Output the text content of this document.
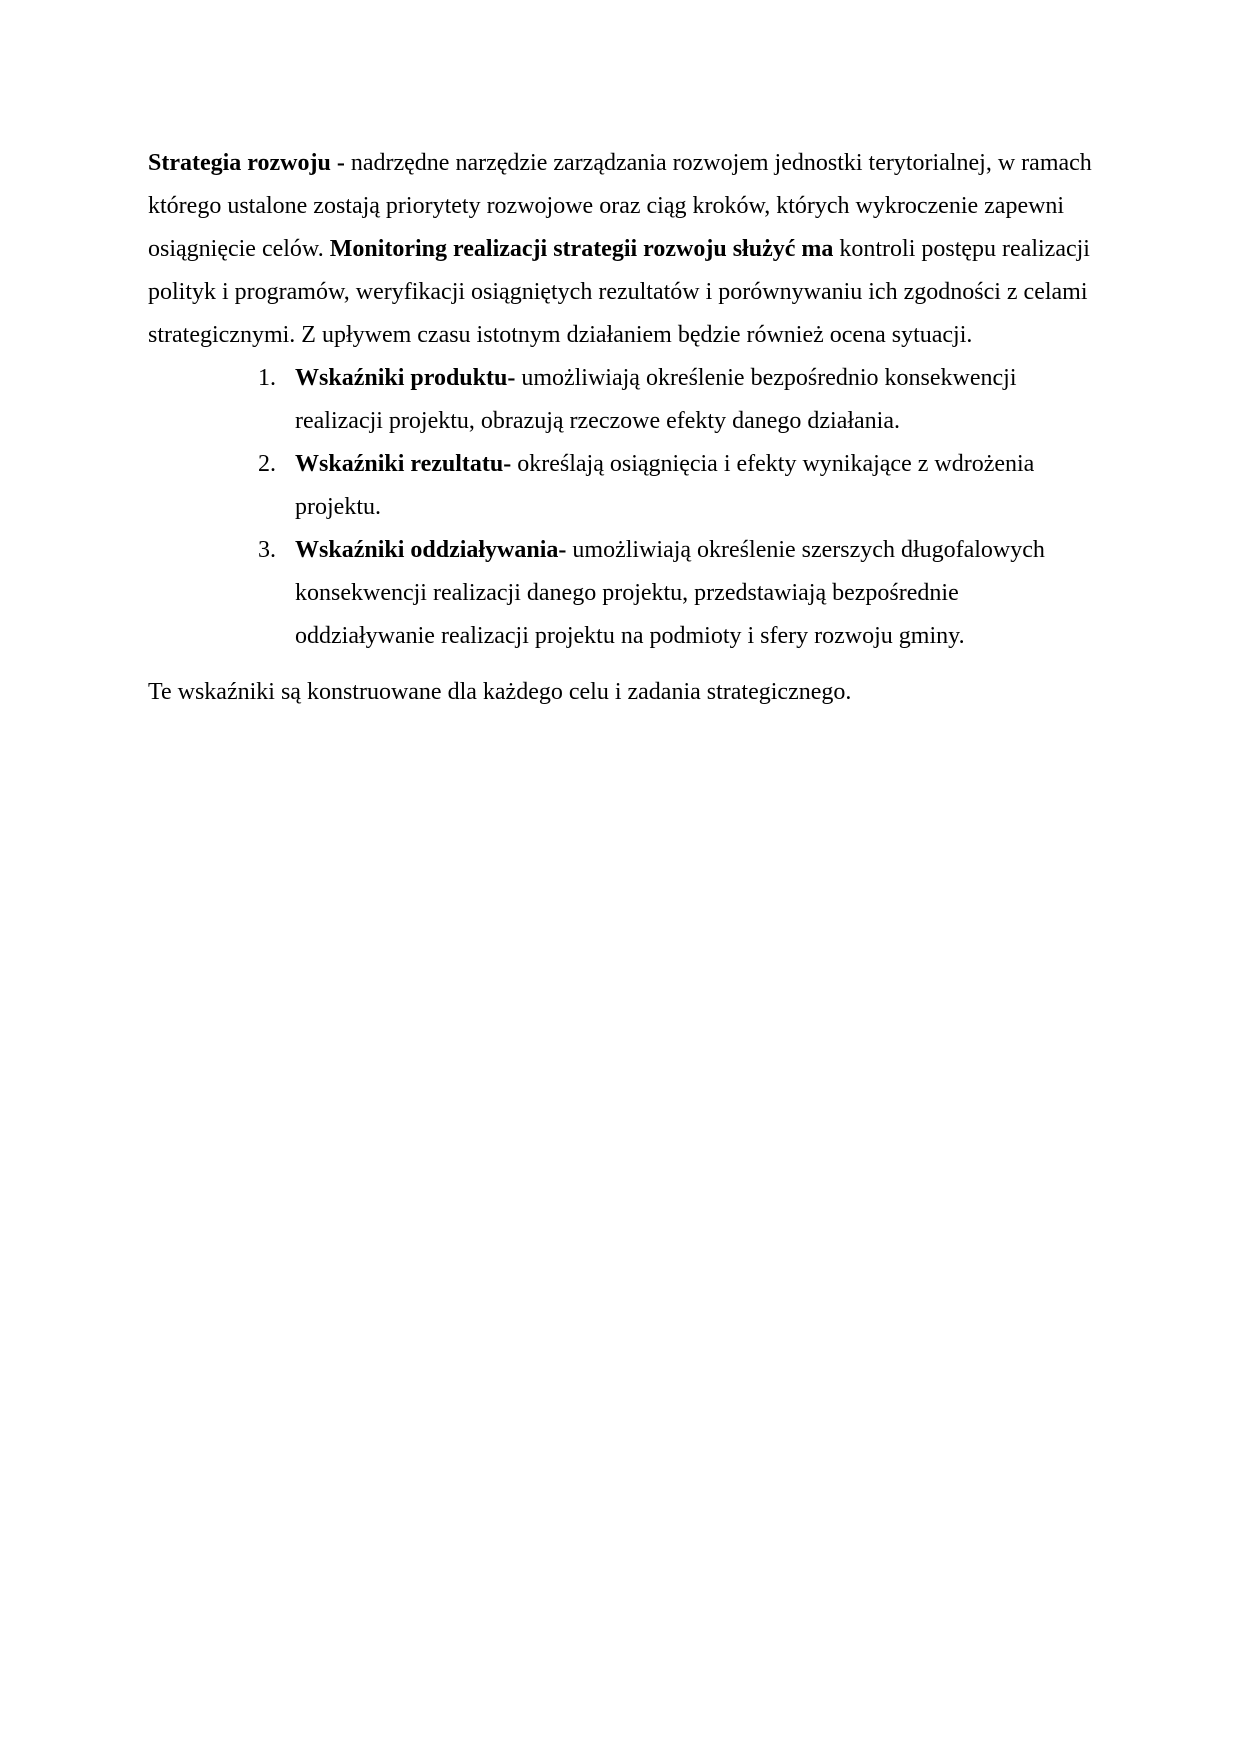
Strategia rozwoju - nadrzędne narzędzie zarządzania rozwojem jednostki terytorialnej, w ramach którego ustalone zostają priorytety rozwojowe oraz ciąg kroków, których wykroczenie zapewni osiągnięcie celów. Monitoring realizacji strategii rozwoju służyć ma kontroli postępu realizacji polityk i programów, weryfikacji osiągniętych rezultatów i porównywaniu ich zgodności z celami strategicznymi. Z upływem czasu istotnym działaniem będzie również ocena sytuacji.

1. Wskaźniki produktu- umożliwiają określenie bezpośrednio konsekwencji realizacji projektu, obrazują rzeczowe efekty danego działania.
2. Wskaźniki rezultatu- określają osiągnięcia i efekty wynikające z wdrożenia projektu.
3. Wskaźniki oddziaływania- umożliwiają określenie szerszych długofalowych konsekwencji realizacji danego projektu, przedstawiają bezpośrednie oddziaływanie realizacji projektu na podmioty i sfery rozwoju gminy.

Te wskaźniki są konstruowane dla każdego celu i zadania strategicznego.
